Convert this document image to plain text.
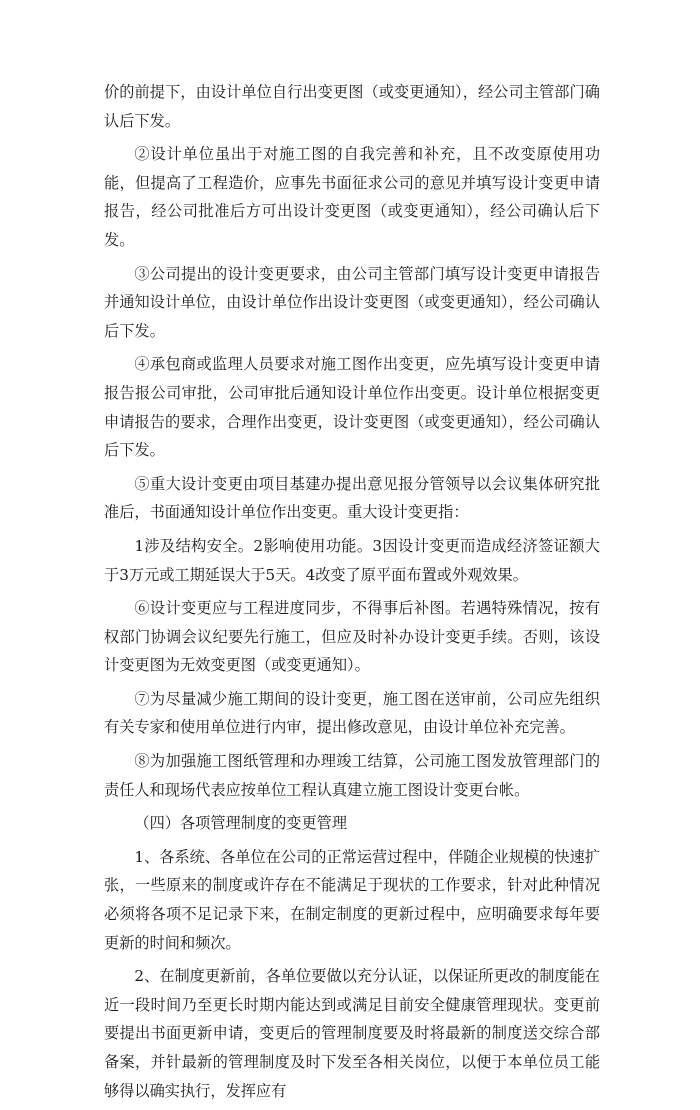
价的前提下，由设计单位自行出变更图（或变更通知），经公司主管部门确认后下发。

②设计单位虽出于对施工图的自我完善和补充，且不改变原使用功能，但提高了工程造价，应事先书面征求公司的意见并填写设计变更申请报告，经公司批准后方可出设计变更图（或变更通知），经公司确认后下发。

③公司提出的设计变更要求，由公司主管部门填写设计变更申请报告并通知设计单位，由设计单位作出设计变更图（或变更通知），经公司确认后下发。

④承包商或监理人员要求对施工图作出变更，应先填写设计变更申请报告报公司审批，公司审批后通知设计单位作出变更。设计单位根据变更申请报告的要求，合理作出变更，设计变更图（或变更通知），经公司确认后下发。

⑤重大设计变更由项目基建办提出意见报分管领导以会议集体研究批准后，书面通知设计单位作出变更。重大设计变更指：

1涉及结构安全。2影响使用功能。3因设计变更而造成经济签证额大于3万元或工期延误大于5天。4改变了原平面布置或外观效果。

⑥设计变更应与工程进度同步，不得事后补图。若遇特殊情况，按有权部门协调会议纪要先行施工，但应及时补办设计变更手续。否则，该设计变更图为无效变更图（或变更通知）。

⑦为尽量减少施工期间的设计变更，施工图在送审前，公司应先组织有关专家和使用单位进行内审，提出修改意见，由设计单位补充完善。

⑧为加强施工图纸管理和办理竣工结算，公司施工图发放管理部门的责任人和现场代表应按单位工程认真建立施工图设计变更台帐。

（四）各项管理制度的变更管理

1、各系统、各单位在公司的正常运营过程中，伴随企业规模的快速扩张，一些原来的制度或许存在不能满足于现状的工作要求，针对此种情况必须将各项不足记录下来，在制定制度的更新过程中，应明确要求每年要更新的时间和频次。

2、在制度更新前，各单位要做以充分认证，以保证所更改的制度能在近一段时间乃至更长时期内能达到或满足目前安全健康管理现状。变更前要提出书面更新申请，变更后的管理制度要及时将最新的制度送交综合部备案，并针最新的管理制度及时下发至各相关岗位，以便于本单位员工能够得以确实执行，发挥应有
